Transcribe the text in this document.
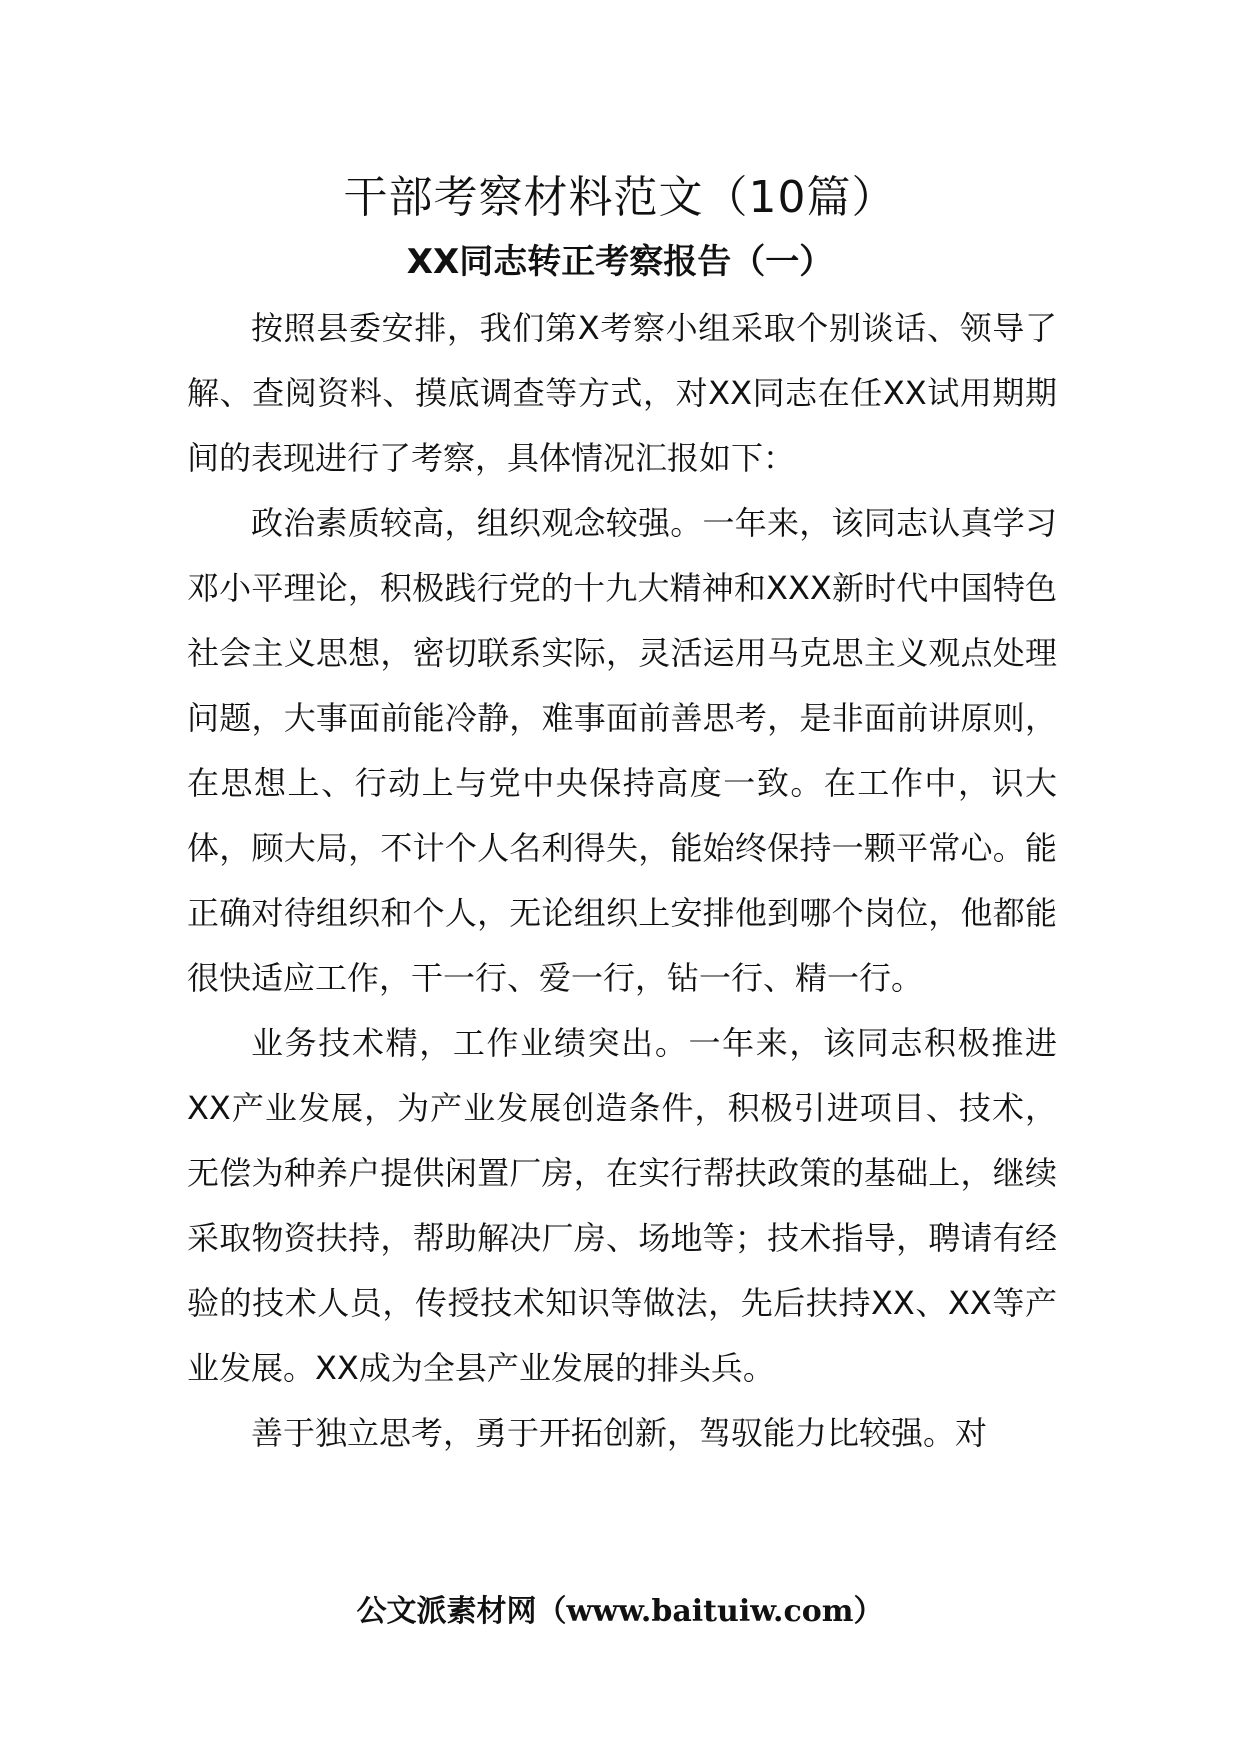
干部考察材料范文（10篇）
XX同志转正考察报告（一）

按照县委安排，我们第X考察小组采取个别谈话、领导了解、查阅资料、摸底调查等方式，对XX同志在任XX试用期期间的表现进行了考察，具体情况汇报如下：

政治素质较高，组织观念较强。一年来，该同志认真学习邓小平理论，积极践行党的十九大精神和XXX新时代中国特色社会主义思想，密切联系实际，灵活运用马克思主义观点处理问题，大事面前能冷静，难事面前善思考，是非面前讲原则，在思想上、行动上与党中央保持高度一致。在工作中，识大体，顾大局，不计个人名利得失，能始终保持一颗平常心。能正确对待组织和个人，无论组织上安排他到哪个岗位，他都能很快适应工作，干一行、爱一行，钻一行、精一行。

业务技术精，工作业绩突出。一年来，该同志积极推进XX产业发展，为产业发展创造条件，积极引进项目、技术，无偿为种养户提供闲置厂房，在实行帮扶政策的基础上，继续采取物资扶持，帮助解决厂房、场地等；技术指导，聘请有经验的技术人员，传授技术知识等做法，先后扶持XX、XX等产业发展。XX成为全县产业发展的排头兵。

善于独立思考，勇于开拓创新，驾驭能力比较强。对

公文派素材网（www.baituiw.com）
